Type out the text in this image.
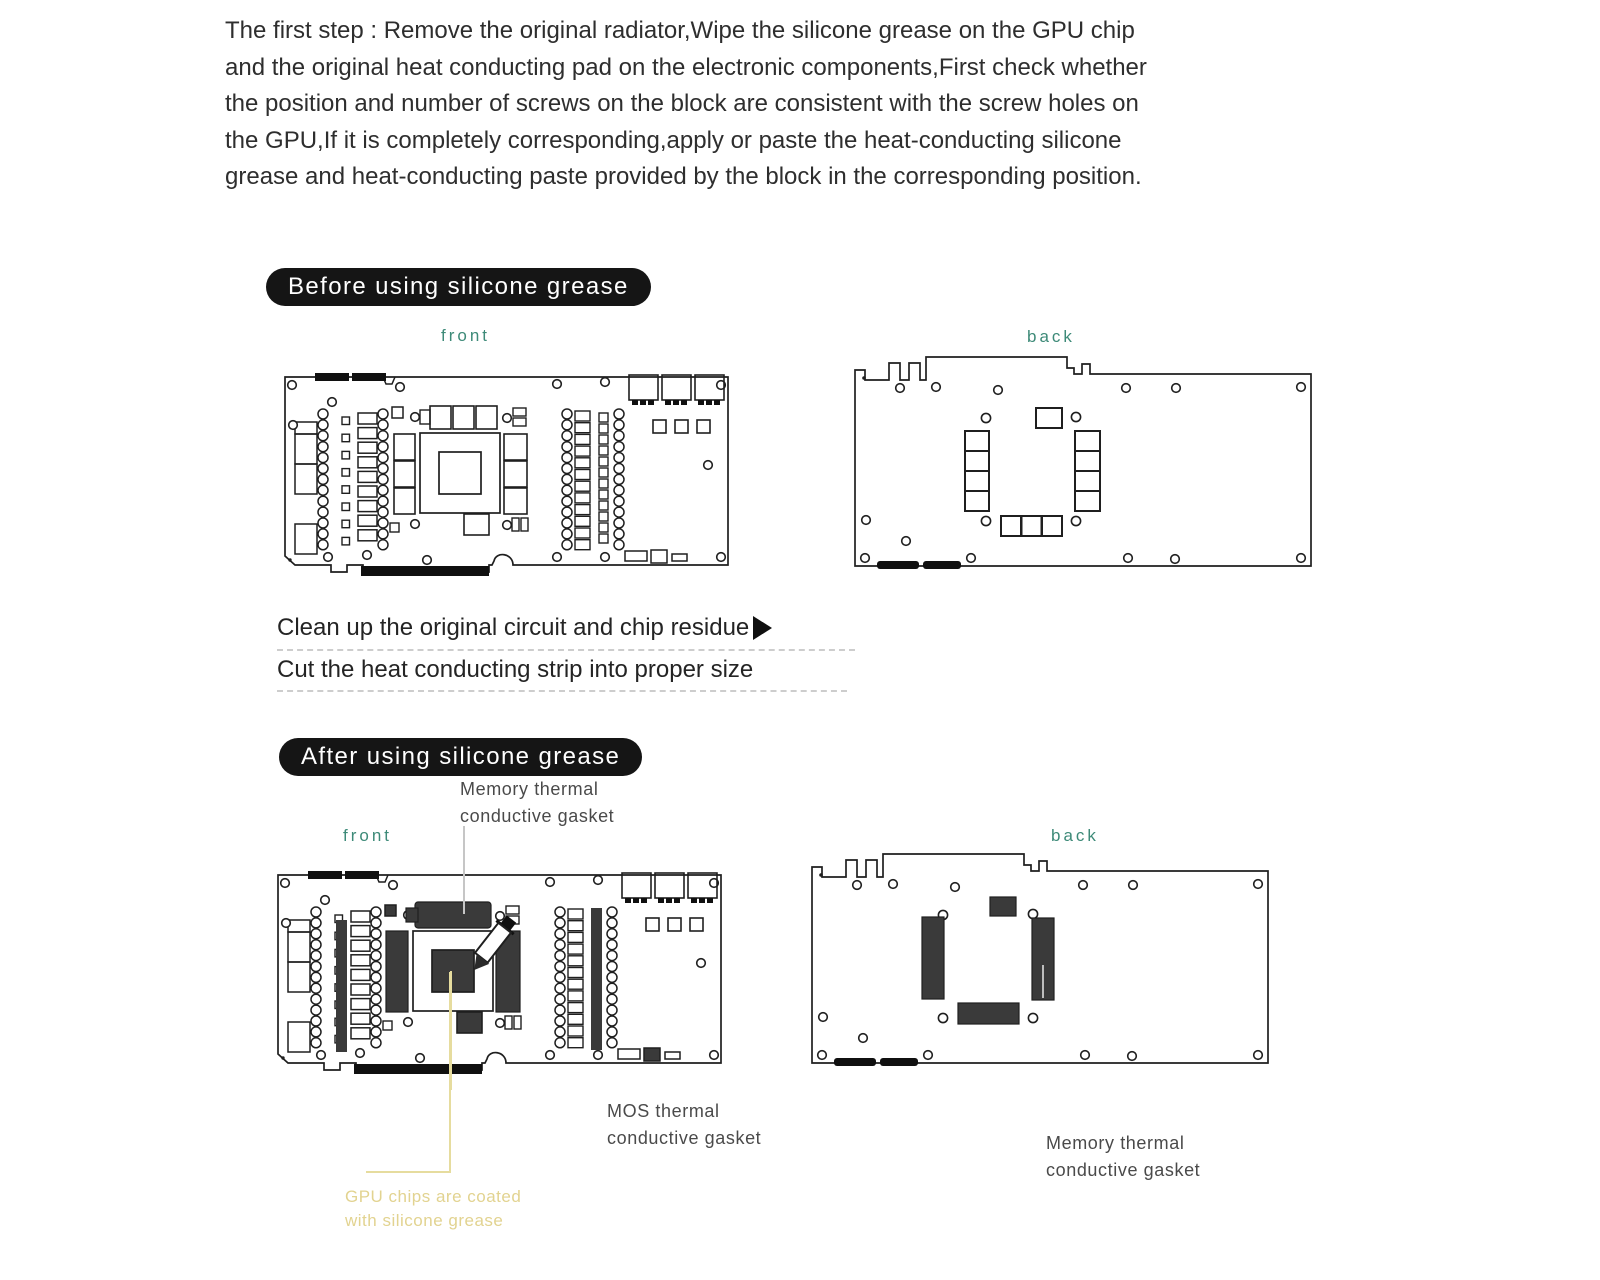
The first step : Remove the original radiator,Wipe the silicone grease on the GPU chip
and the original heat conducting pad on the electronic components,First check whether
the position and number of screws on the block are consistent with the screw holes on
the GPU,If it is completely corresponding,apply or paste the heat-conducting silicone
grease and heat-conducting paste provided by the block in the corresponding position.
Before using silicone grease
front	back
Clean up the original circuit and chip residue
Cut the heat conducting strip into proper size
After using silicone grease
Memory thermal
conductive gasket
front	back
MOS thermal
conductive gasket
GPU chips are coated
with silicone grease
Memory thermal
conductive gasket
